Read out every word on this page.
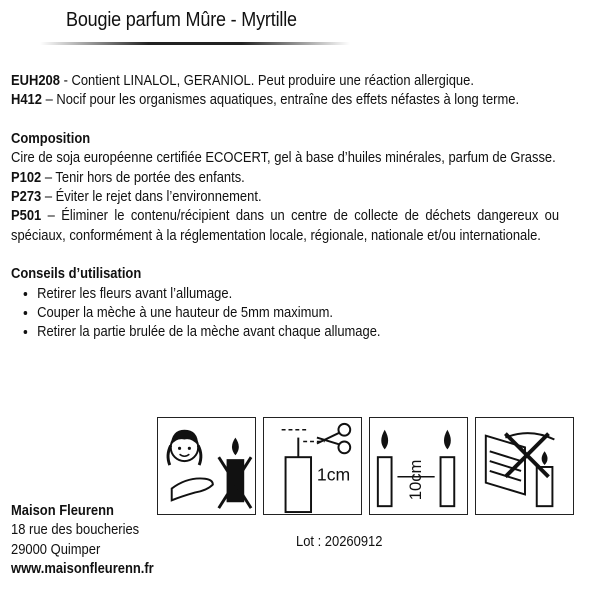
Bougie parfum Mûre - Myrtille

EUH208 - Contient LINALOL, GERANIOL. Peut produire une réaction allergique.

H412 – Nocif pour les organismes aquatiques, entraîne des effets néfastes à long terme.

Composition

Cire de soja européenne certifiée ECOCERT, gel à base d’huiles minérales, parfum de Grasse.

P102 – Tenir hors de portée des enfants.

P273 – Éviter le rejet dans l’environnement.

P501 – Éliminer le contenu/récipient dans un centre de collecte de déchets dangereux ou spéciaux, conformément à la réglementation locale, régionale, nationale et/ou internationale.

Conseils d’utilisation

• Retirer les fleurs avant l’allumage.
• Couper la mèche à une hauteur de 5mm maximum.
• Retirer la partie brulée de la mèche avant chaque allumage.
1cm	10cm
Maison Fleurenn
18 rue des boucheries
29000 Quimper
www.maisonfleurenn.fr
Lot : 20260912
